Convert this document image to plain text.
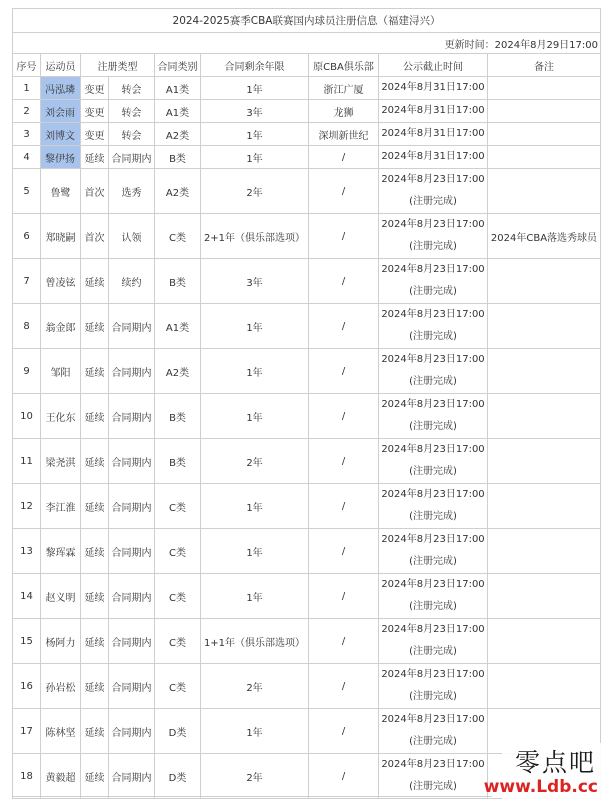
2024-2025赛季CBA联赛国内球员注册信息（福建浔兴）								
更新时间：2024年8月29日17:00								
序号	运动员	注册类型		合同类别	合同剩余年限	原CBA俱乐部	公示截止时间	备注
1	冯泓璘	变更	转会	A1类	1年	浙江广厦	2024年8月31日17:00	

2	刘会雨	变更	转会	A1类	3年	龙狮	2024年8月31日17:00	

3	刘博文	变更	转会	A2类	1年	深圳新世纪	2024年8月31日17:00	

4	黎伊扬	延续	合同期内	B类	1年	/	2024年8月31日17:00	

5	鲁鹭	首次	选秀	A2类	2年	/	2024年8月23日17:00
(注册完成)	

6	郑晓嗣	首次	认领	C类	2+1年（俱乐部选项）	/	2024年8月23日17:00
(注册完成)	2024年CBA落选秀球员
7	曾凌铉	延续	续约	B类	3年	/	2024年8月23日17:00
(注册完成)	

8	翁金郎	延续	合同期内	A1类	1年	/	2024年8月23日17:00
(注册完成)	

9	邹阳	延续	合同期内	A2类	1年	/	2024年8月23日17:00
(注册完成)	

10	王化东	延续	合同期内	B类	1年	/	2024年8月23日17:00
(注册完成)	

11	梁尧淇	延续	合同期内	B类	2年	/	2024年8月23日17:00
(注册完成)	

12	李江淮	延续	合同期内	C类	1年	/	2024年8月23日17:00
(注册完成)	

13	黎珲霖	延续	合同期内	C类	1年	/	2024年8月23日17:00
(注册完成)	

14	赵义明	延续	合同期内	C类	1年	/	2024年8月23日17:00
(注册完成)	

15	杨阿力	延续	合同期内	C类	1+1年（俱乐部选项）	/	2024年8月23日17:00
(注册完成)	

16	孙岩松	延续	合同期内	C类	2年	/	2024年8月23日17:00
(注册完成)	

17	陈林坚	延续	合同期内	D类	1年	/	2024年8月23日17:00
(注册完成)	

18	黄毅超	延续	合同期内	D类	2年	/	2024年8月23日17:00
(注册完成)	

零点吧
www.Ldb.cc
